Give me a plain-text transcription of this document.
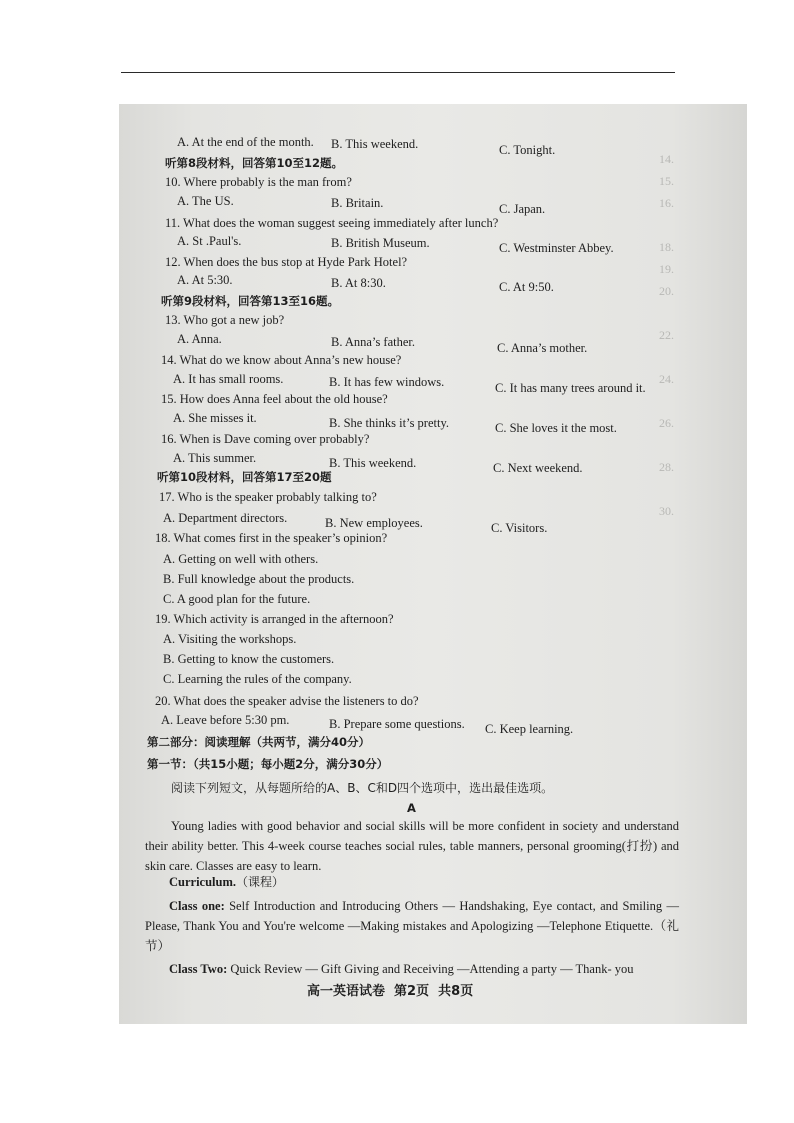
14.
15.
16.
18.
19.
20.
22.
24.
26.
28.
30.
A. At the end of the month. B. This weekend.	C. Tonight.
听第8段材料，回答第10至12题。
10. Where probably is the man from?
A. The US.	B. Britain.	C. Japan.
11. What does the woman suggest seeing immediately after lunch?
A. St .Paul's.	B. British Museum.	C. Westminster Abbey.
12. When does the bus stop at Hyde Park Hotel?
A. At 5:30.	B. At 8:30.	C. At 9:50.
听第9段材料，回答第13至16题。
13. Who got a new job?
A. Anna.	B. Anna’s father.	C. Anna’s mother.
14. What do we know about Anna’s new house?
A. It has small rooms.	B. It has few windows.	C. It has many trees around it.
15. How does Anna feel about the old house?
A. She misses it.	B. She thinks it’s pretty.	C. She loves it the most.
16. When is Dave coming over probably?
A. This summer.	B. This weekend.	C. Next weekend.
听第10段材料，回答第17至20题
17. Who is the speaker probably talking to?
A. Department directors.	B. New employees.	C. Visitors.
18. What comes first in the speaker’s opinion?
A. Getting on well with others.
B. Full knowledge about the products.
C. A good plan for the future.
19. Which activity is arranged in the afternoon?
A. Visiting the workshops.
B. Getting to know the customers.
C. Learning the rules of the company.
20. What does the speaker advise the listeners to do?
A. Leave before 5:30 pm.	B. Prepare some questions. C. Keep learning.
第二部分：阅读理解（共两节，满分40分）
第一节：（共15小题；每小题2分，满分30分）
阅读下列短文，从每题所给的A、B、C和D四个选项中，选出最佳选项。
A
Young ladies with good behavior and social skills will be more confident in society and understand their ability better. This 4-week course teaches social rules, table manners, personal grooming(打扮) and skin care. Classes are easy to learn.
Curriculum.（课程）
Class one: Self Introduction and Introducing Others — Handshaking, Eye contact, and Smiling — Please, Thank You and You're welcome —Making mistakes and Apologizing —Telephone Etiquette.（礼节）
Class Two: Quick Review — Gift Giving and Receiving —Attending a party — Thank- you
高一英语试卷  第2页  共8页
